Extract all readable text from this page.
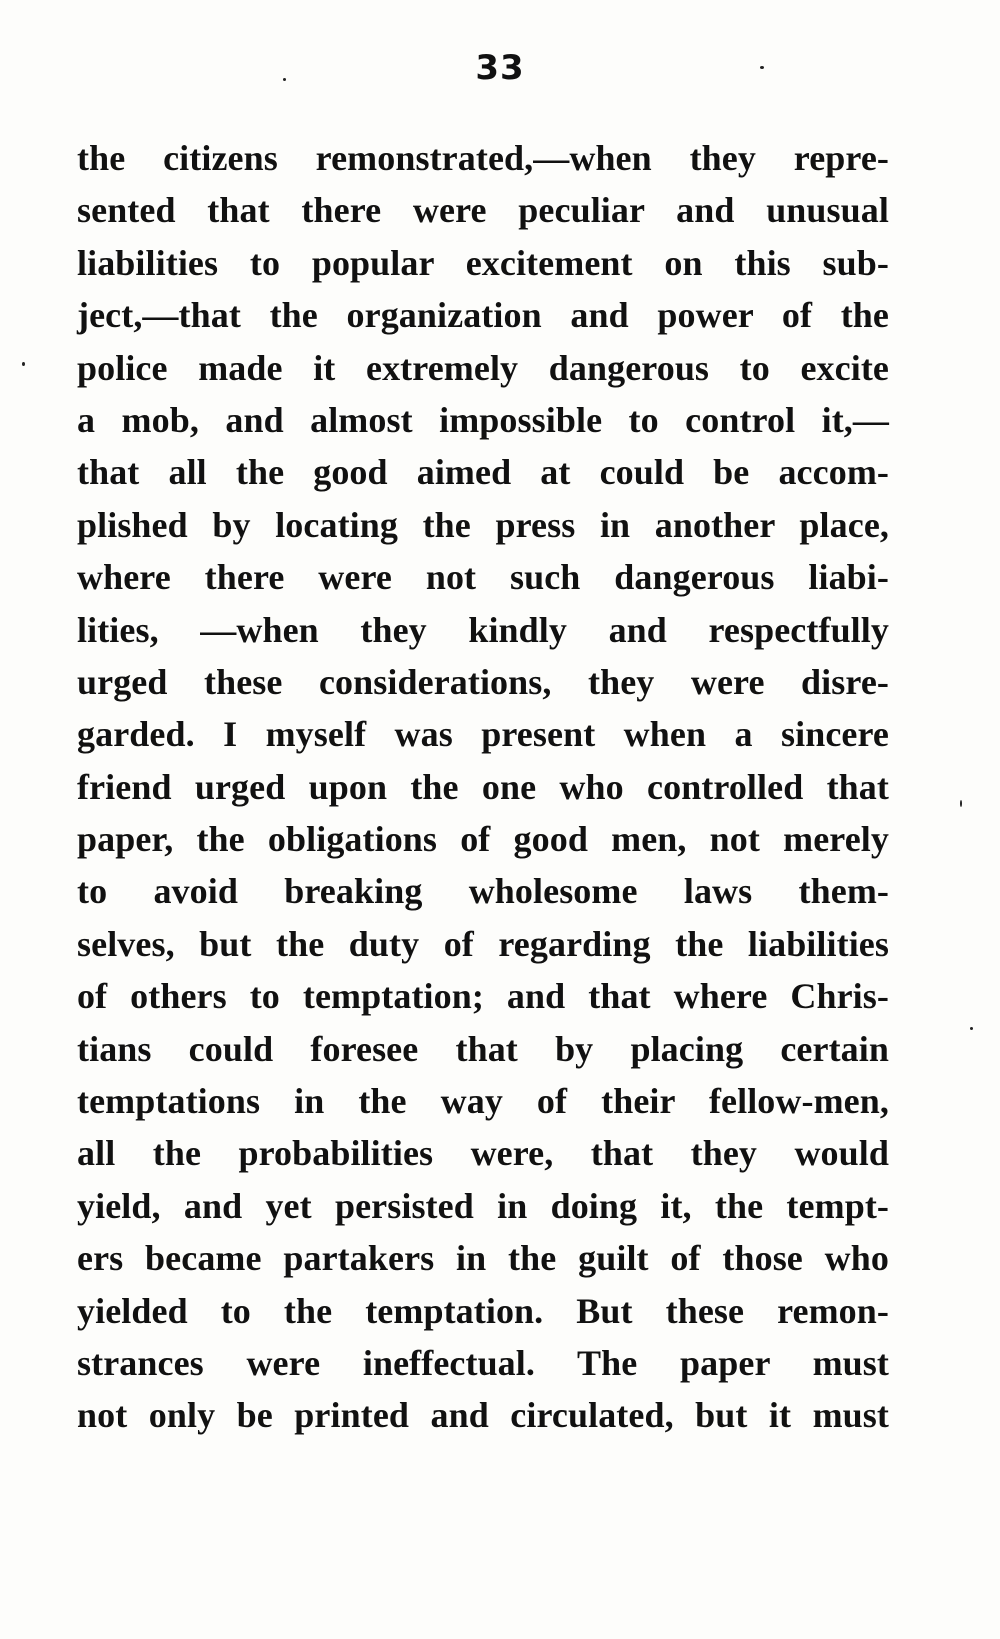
33
the citizens remonstrated,—when they repre-
sented that there were peculiar and unusual
liabilities to popular excitement on this sub-
ject,—that the organization and power of the
police made it extremely dangerous to excite
a mob, and almost impossible to control it,—
that all the good aimed at could be accom-
plished by locating the press in another place,
where there were not such dangerous liabi-
lities, —when they kindly and respectfully
urged these considerations, they were disre-
garded. I myself was present when a sincere
friend urged upon the one who controlled that
paper, the obligations of good men, not merely
to avoid breaking wholesome laws them-
selves, but the duty of regarding the liabilities
of others to temptation; and that where Chris-
tians could foresee that by placing certain
temptations in the way of their fellow-men,
all the probabilities were, that they would
yield, and yet persisted in doing it, the tempt-
ers became partakers in the guilt of those who
yielded to the temptation. But these remon-
strances were ineffectual. The paper must
not only be printed and circulated, but it must
